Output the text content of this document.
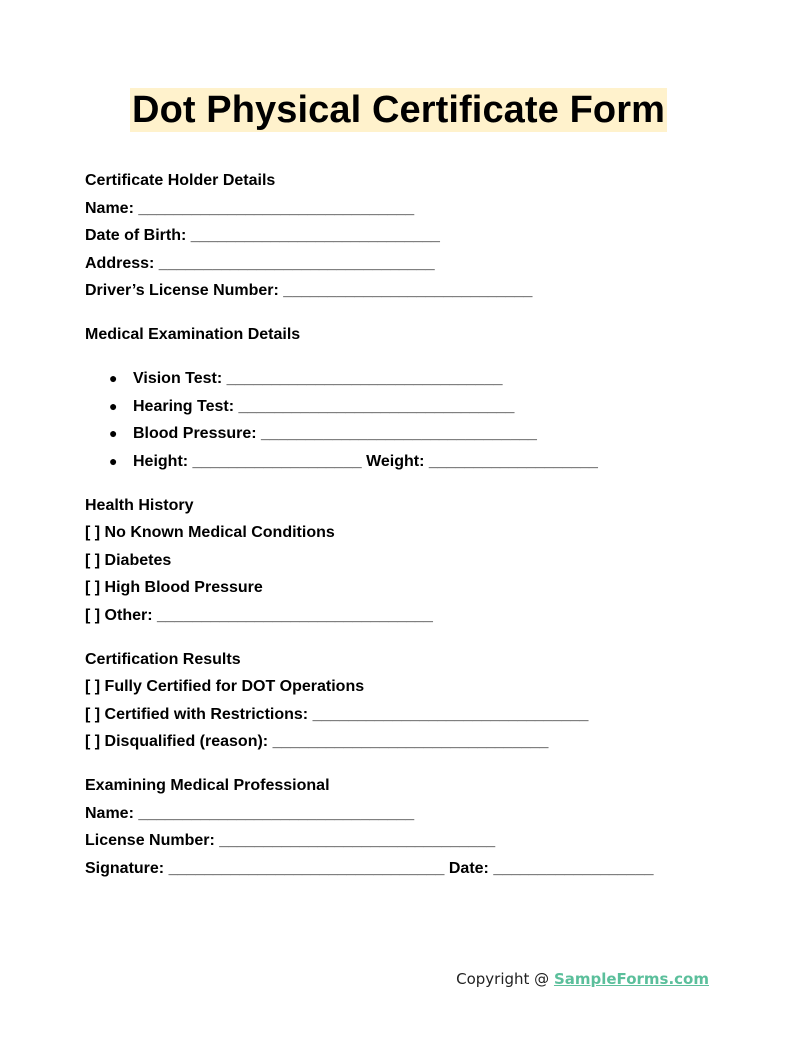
Dot Physical Certificate Form
Certificate Holder Details
Name: _______________________________
Date of Birth: ____________________________
Address: _______________________________
Driver’s License Number: ____________________________
Medical Examination Details
● Vision Test: _______________________________
● Hearing Test: _______________________________
● Blood Pressure: _______________________________
● Height: ___________________ Weight: ___________________
Health History
[ ] No Known Medical Conditions
[ ] Diabetes
[ ] High Blood Pressure
[ ] Other: _______________________________
Certification Results
[ ] Fully Certified for DOT Operations
[ ] Certified with Restrictions: _______________________________
[ ] Disqualified (reason): _______________________________
Examining Medical Professional
Name: _______________________________
License Number: _______________________________
Signature: _______________________________ Date: __________________
Copyright @ SampleForms.com
